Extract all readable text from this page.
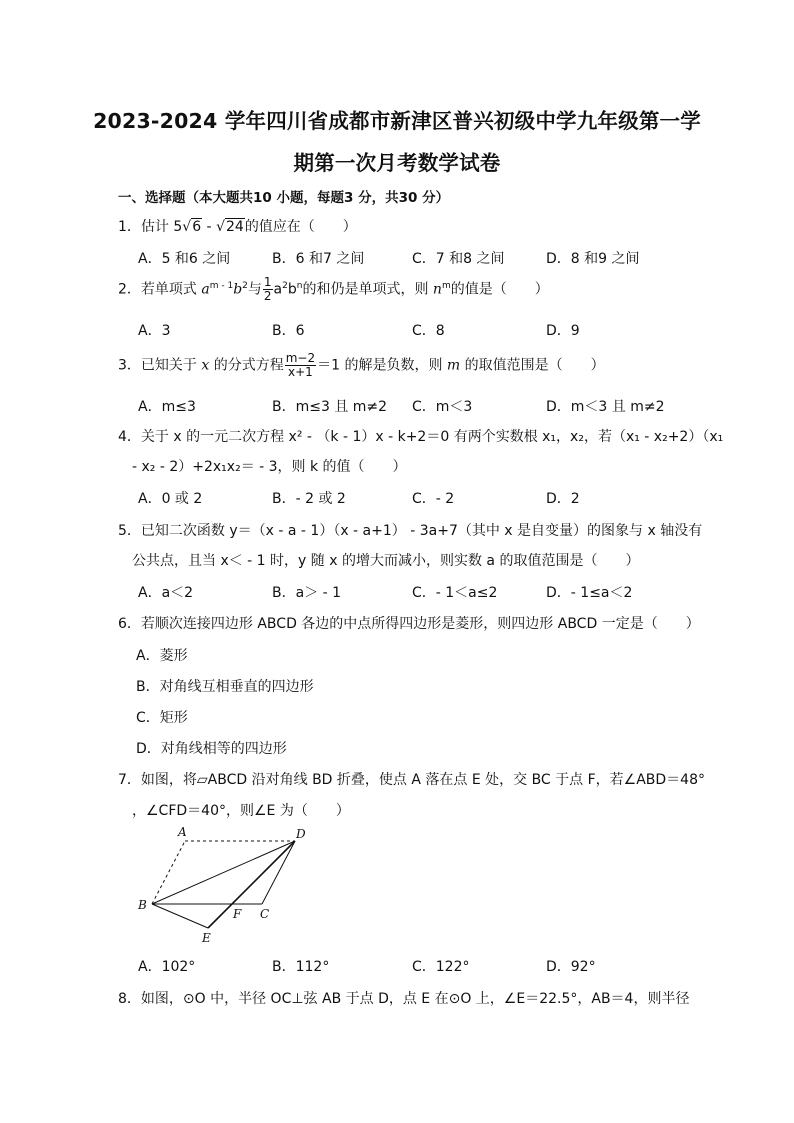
2023-2024 学年四川省成都市新津区普兴初级中学九年级第一学
期第一次月考数学试卷
一、选择题（本大题共10 小题，每题3 分，共30 分）
1．估计 5√6 - √24的值应在（　　）
A．5 和6 之间	B．6 和7 之间	C．7 和8 之间	D．8 和9 之间
2．若单项式 $a^{m - 1}b^2$与 $\frac{1}{2} a^2b^n$的和仍是单项式，则 $n^m$的值是（　　）
A．3	B．6	C．8	D．9
3．已知关于 x 的分式方程 $\frac{m-2}{x+1} =1$ 的解是负数，则 m 的取值范围是（　　）
A．m≤3	B．m≤3 且 m≠2 C．m＜3	D．m＜3 且 m≠2
4．关于 x 的一元二次方程 x² - （k - 1）x - k+2＝0 有两个实数根 x₁，x₂，若（x₁ - x₂+2）（x₁
- x₂ - 2）+2x₁x₂＝ - 3，则 k 的值（　　）
A．0 或 2	B．- 2 或 2	C．- 2	D．2
5．已知二次函数 y＝（x - a - 1）（x - a+1） - 3a+7（其中 x 是自变量）的图象与 x 轴没有
公共点，且当 x＜ - 1 时，y 随 x 的增大而减小，则实数 a 的取值范围是（　　）
A．a＜2	B．a＞ - 1	C．- 1＜a≤2	D．- 1≤a＜2
6．若顺次连接四边形 ABCD 各边的中点所得四边形是菱形，则四边形 ABCD 一定是（　　）
A．菱形
B．对角线互相垂直的四边形
C．矩形
D．对角线相等的四边形
7．如图，将▱ABCD 沿对角线 BD 折叠，使点 A 落在点 E 处，交 BC 于点 F，若∠ABD＝48°
，∠CFD＝40°，则∠E 为（　　）
A	D
B
F C
E
A．102°	B．112°	C．122°	D．92°
8．如图，⊙O 中，半径 OC⊥弦 AB 于点 D，点 E 在⊙O 上，∠E＝22.5°，AB＝4，则半径
